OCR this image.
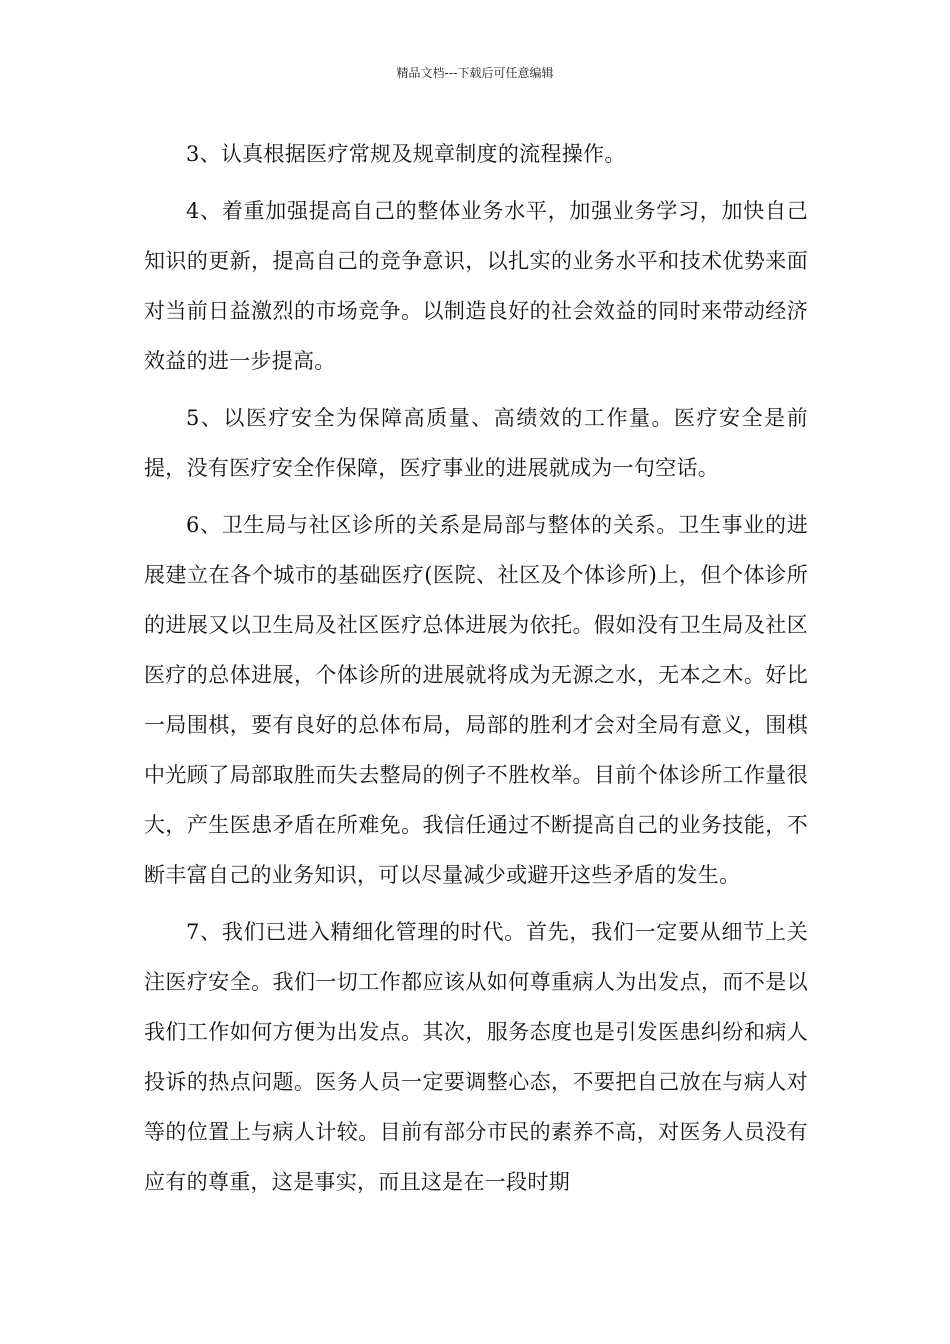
精品文档---下载后可任意编辑

3、认真根据医疗常规及规章制度的流程操作。

4、着重加强提高自己的整体业务水平，加强业务学习，加快自己知识的更新，提高自己的竞争意识，以扎实的业务水平和技术优势来面对当前日益激烈的市场竞争。以制造良好的社会效益的同时来带动经济效益的进一步提高。

5、以医疗安全为保障高质量、高绩效的工作量。医疗安全是前提，没有医疗安全作保障，医疗事业的进展就成为一句空话。

6、卫生局与社区诊所的关系是局部与整体的关系。卫生事业的进展建立在各个城市的基础医疗(医院、社区及个体诊所)上，但个体诊所的进展又以卫生局及社区医疗总体进展为依托。假如没有卫生局及社区医疗的总体进展，个体诊所的进展就将成为无源之水，无本之木。好比一局围棋，要有良好的总体布局，局部的胜利才会对全局有意义，围棋中光顾了局部取胜而失去整局的例子不胜枚举。目前个体诊所工作量很大，产生医患矛盾在所难免。我信任通过不断提高自己的业务技能，不断丰富自己的业务知识，可以尽量减少或避开这些矛盾的发生。

7、我们已进入精细化管理的时代。首先，我们一定要从细节上关注医疗安全。我们一切工作都应该从如何尊重病人为出发点，而不是以我们工作如何方便为出发点。其次，服务态度也是引发医患纠纷和病人投诉的热点问题。医务人员一定要调整心态，不要把自己放在与病人对等的位置上与病人计较。目前有部分市民的素养不高，对医务人员没有应有的尊重，这是事实，而且这是在一段时期
